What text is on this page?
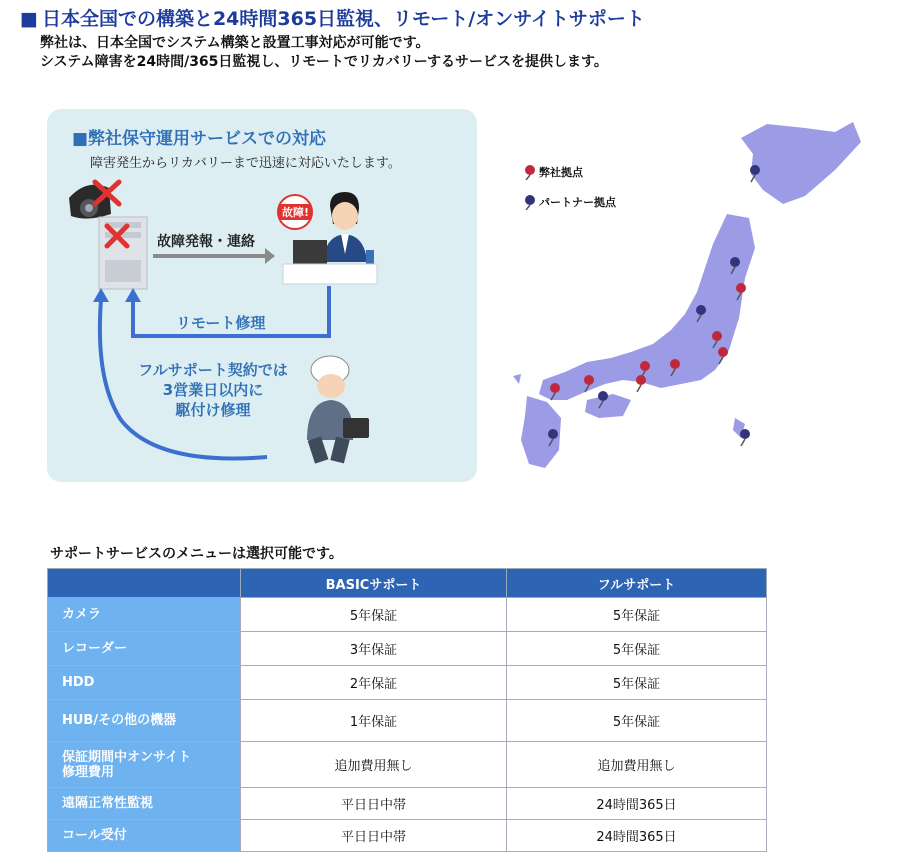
■ 日本全国での構築と24時間365日監視、リモート/オンサイトサポート
弊社は、日本全国でシステム構築と設置工事対応が可能です。
システム障害を24時間/365日監視し、リモートでリカバリーするサービスを提供します。
■弊社保守運用サービスでの対応
障害発生からリカバリーまで迅速に対応いたします。
故障!
故障発報・連絡
リモート修理
フルサポート契約では
3営業日以内に
駆付け修理
弊社拠点
パートナー拠点
サポートサービスのメニューは選択可能です。
	BASICサポート	フルサポート

カメラ	5年保証	5年保証

レコーダー	3年保証	5年保証

HDD	2年保証	5年保証

HUB/その他の機器	1年保証	5年保証

保証期間中オンサイト
修理費用	追加費用無し	追加費用無し

遠隔正常性監視	平日日中帯	24時間365日

コール受付	平日日中帯	24時間365日
